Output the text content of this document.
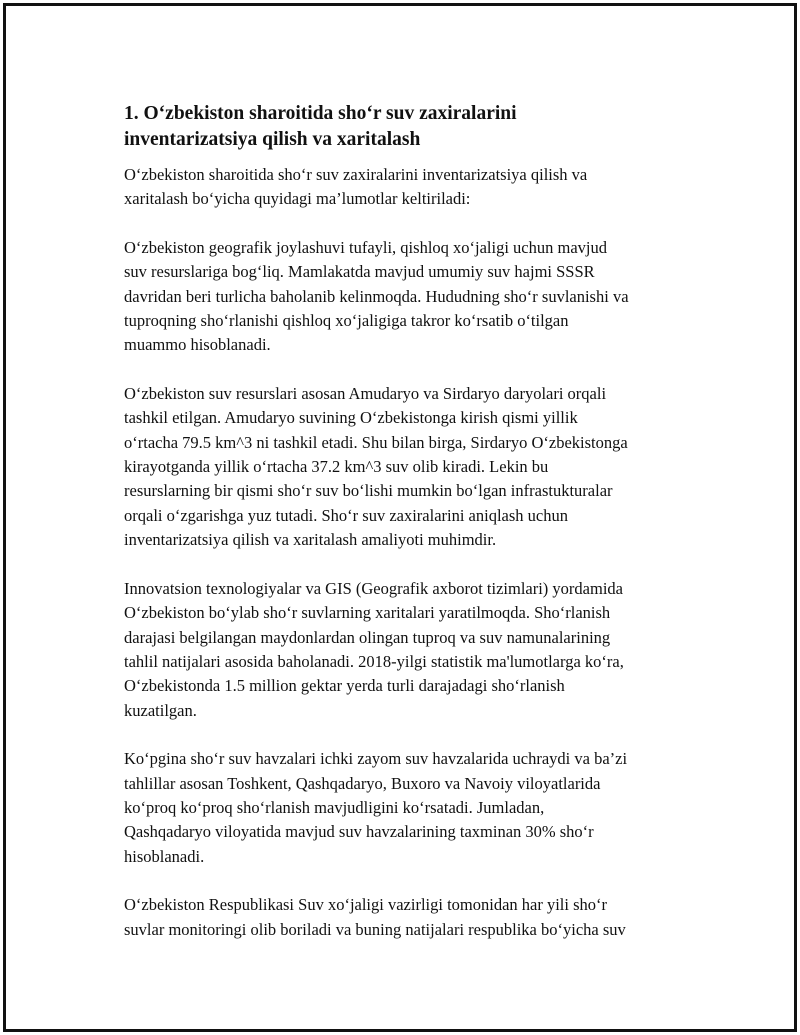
1. O‘zbekiston sharoitida sho‘r suv zaxiralarini
inventarizatsiya qilish va xaritalash

O‘zbekiston sharoitida sho‘r suv zaxiralarini inventarizatsiya qilish va
xaritalash bo‘yicha quyidagi ma’lumotlar keltiriladi:

O‘zbekiston geografik joylashuvi tufayli, qishloq xo‘jaligi uchun mavjud
suv resurslariga bog‘liq. Mamlakatda mavjud umumiy suv hajmi SSSR
davridan beri turlicha baholanib kelinmoqda. Hududning sho‘r suvlanishi va
tuproqning sho‘rlanishi qishloq xo‘jaligiga takror ko‘rsatib o‘tilgan
muammo hisoblanadi.

O‘zbekiston suv resurslari asosan Amudaryo va Sirdaryo daryolari orqali
tashkil etilgan. Amudaryo suvining O‘zbekistonga kirish qismi yillik
o‘rtacha 79.5 km^3 ni tashkil etadi. Shu bilan birga, Sirdaryo O‘zbekistonga
kirayotganda yillik o‘rtacha 37.2 km^3 suv olib kiradi. Lekin bu
resurslarning bir qismi sho‘r suv bo‘lishi mumkin bo‘lgan infrastukturalar
orqali o‘zgarishga yuz tutadi. Sho‘r suv zaxiralarini aniqlash uchun
inventarizatsiya qilish va xaritalash amaliyoti muhimdir.

Innovatsion texnologiyalar va GIS (Geografik axborot tizimlari) yordamida
O‘zbekiston bo‘ylab sho‘r suvlarning xaritalari yaratilmoqda. Sho‘rlanish
darajasi belgilangan maydonlardan olingan tuproq va suv namunalarining
tahlil natijalari asosida baholanadi. 2018-yilgi statistik ma'lumotlarga ko‘ra,
O‘zbekistonda 1.5 million gektar yerda turli darajadagi sho‘rlanish
kuzatilgan.

Ko‘pgina sho‘r suv havzalari ichki zayom suv havzalarida uchraydi va ba’zi
tahlillar asosan Toshkent, Qashqadaryo, Buxoro va Navoiy viloyatlarida
ko‘proq ko‘proq sho‘rlanish mavjudligini ko‘rsatadi. Jumladan,
Qashqadaryo viloyatida mavjud suv havzalarining taxminan 30% sho‘r
hisoblanadi.

O‘zbekiston Respublikasi Suv xo‘jaligi vazirligi tomonidan har yili sho‘r
suvlar monitoringi olib boriladi va buning natijalari respublika bo‘yicha suv
